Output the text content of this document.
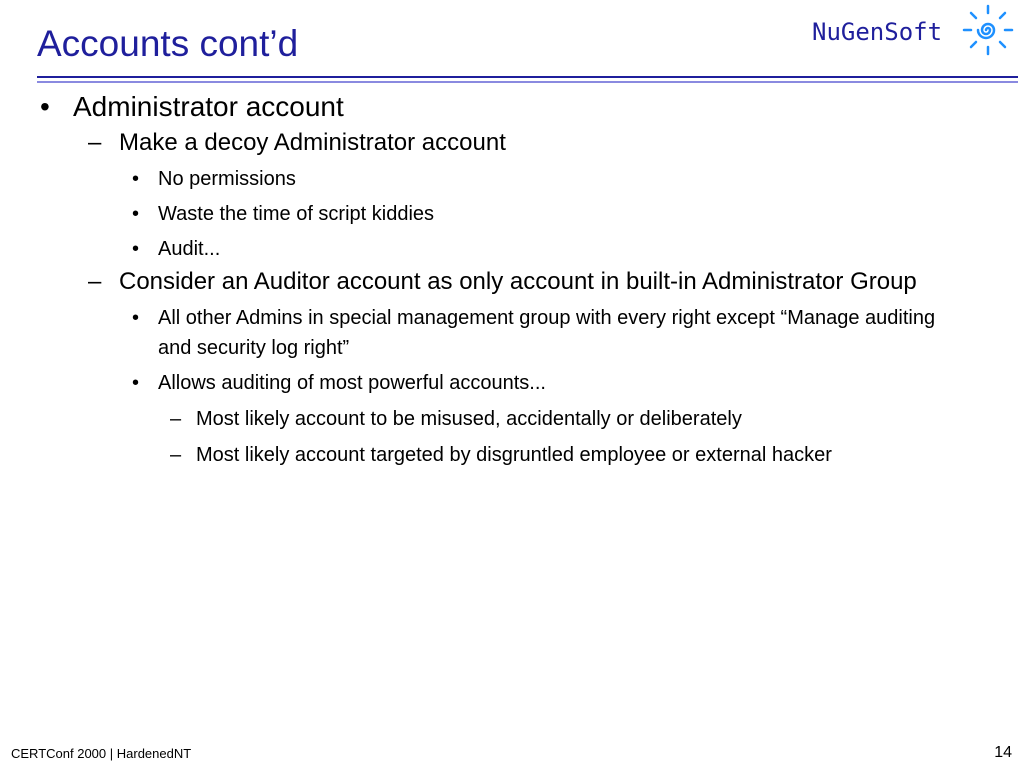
Accounts cont’d	NuGenSoft
• Administrator account
– Make a decoy Administrator account
• No permissions
• Waste the time of script kiddies
• Audit...
– Consider an Auditor account as only account in built-in Administrator Group
• All other Admins in special management group with every right except “Manage auditing and security log right”
• Allows auditing of most powerful accounts...
– Most likely account to be misused, accidentally or deliberately
– Most likely account targeted by disgruntled employee or external hacker
CERTConf 2000 | HardenedNT	14
